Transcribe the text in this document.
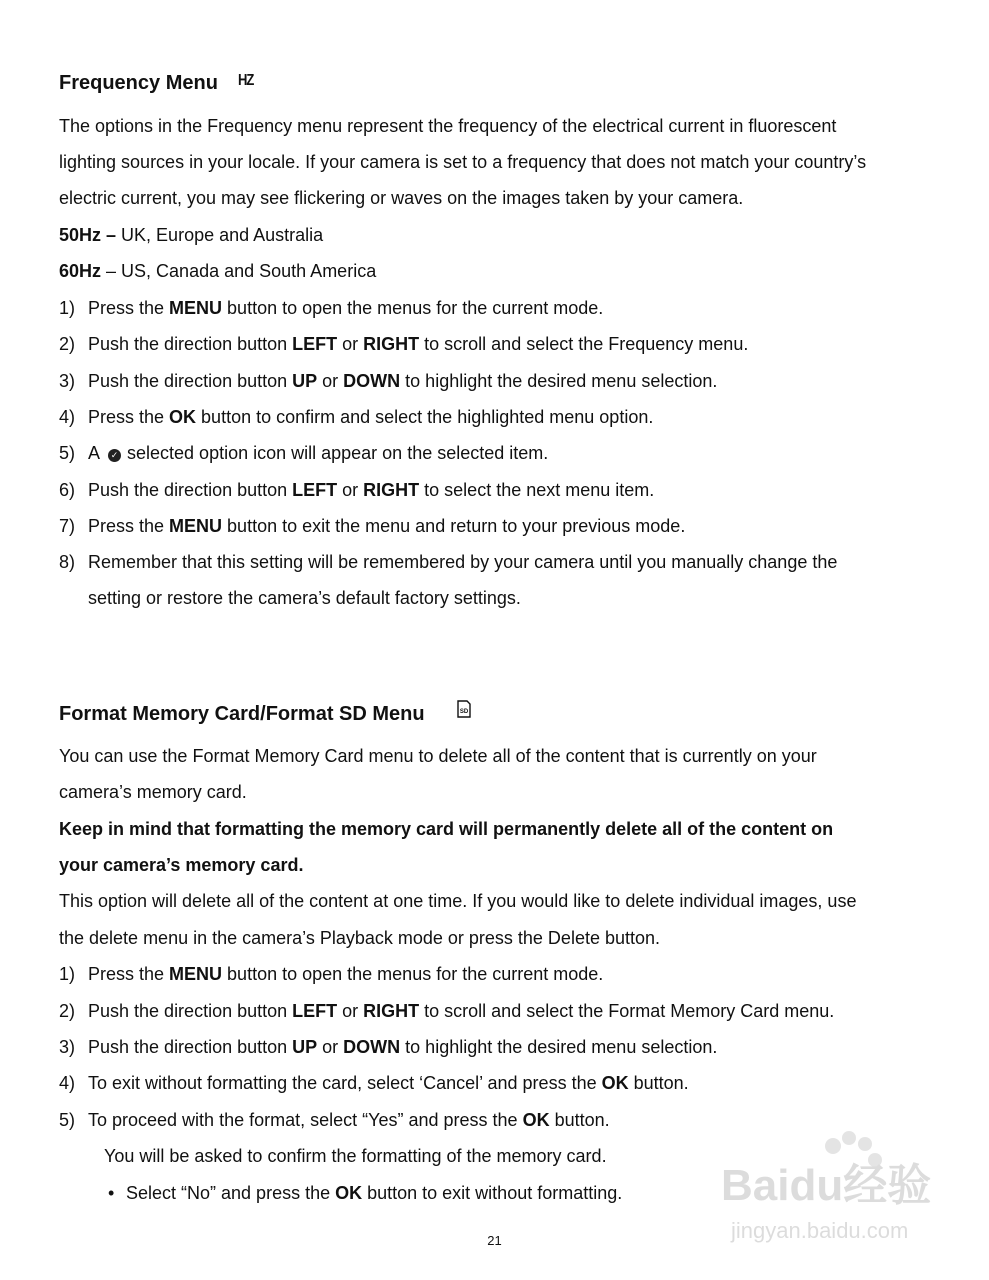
Frequency Menu HZ
The options in the Frequency menu represent the frequency of the electrical current in fluorescent
lighting sources in your locale. If your camera is set to a frequency that does not match your country’s
electric current, you may see flickering or waves on the images taken by your camera.
50Hz – UK, Europe and Australia
60Hz – US, Canada and South America
1) Press the MENU button to open the menus for the current mode.
2) Push the direction button LEFT or RIGHT to scroll and select the Frequency menu.
3) Push the direction button UP or DOWN to highlight the desired menu selection.
4) Press the OK button to confirm and select the highlighted menu option.
5) A ✓ selected option icon will appear on the selected item.
6) Push the direction button LEFT or RIGHT to select the next menu item.
7) Press the MENU button to exit the menu and return to your previous mode.
8) Remember that this setting will be remembered by your camera until you manually change the
setting or restore the camera’s default factory settings.
Format Memory Card/Format SD Menu	SD
You can use the Format Memory Card menu to delete all of the content that is currently on your
camera’s memory card.
Keep in mind that formatting the memory card will permanently delete all of the content on
your camera’s memory card.
This option will delete all of the content at one time. If you would like to delete individual images, use
the delete menu in the camera’s Playback mode or press the Delete button.
1) Press the MENU button to open the menus for the current mode.
2) Push the direction button LEFT or RIGHT to scroll and select the Format Memory Card menu.
3) Push the direction button UP or DOWN to highlight the desired menu selection.
4) To exit without formatting the card, select ‘Cancel’ and press the OK button.
5) To proceed with the format, select “Yes” and press the OK button.
You will be asked to confirm the formatting of the memory card.
• Select “No” and press the OK button to exit without formatting.
21
Baidu经验
jingyan.baidu.com
